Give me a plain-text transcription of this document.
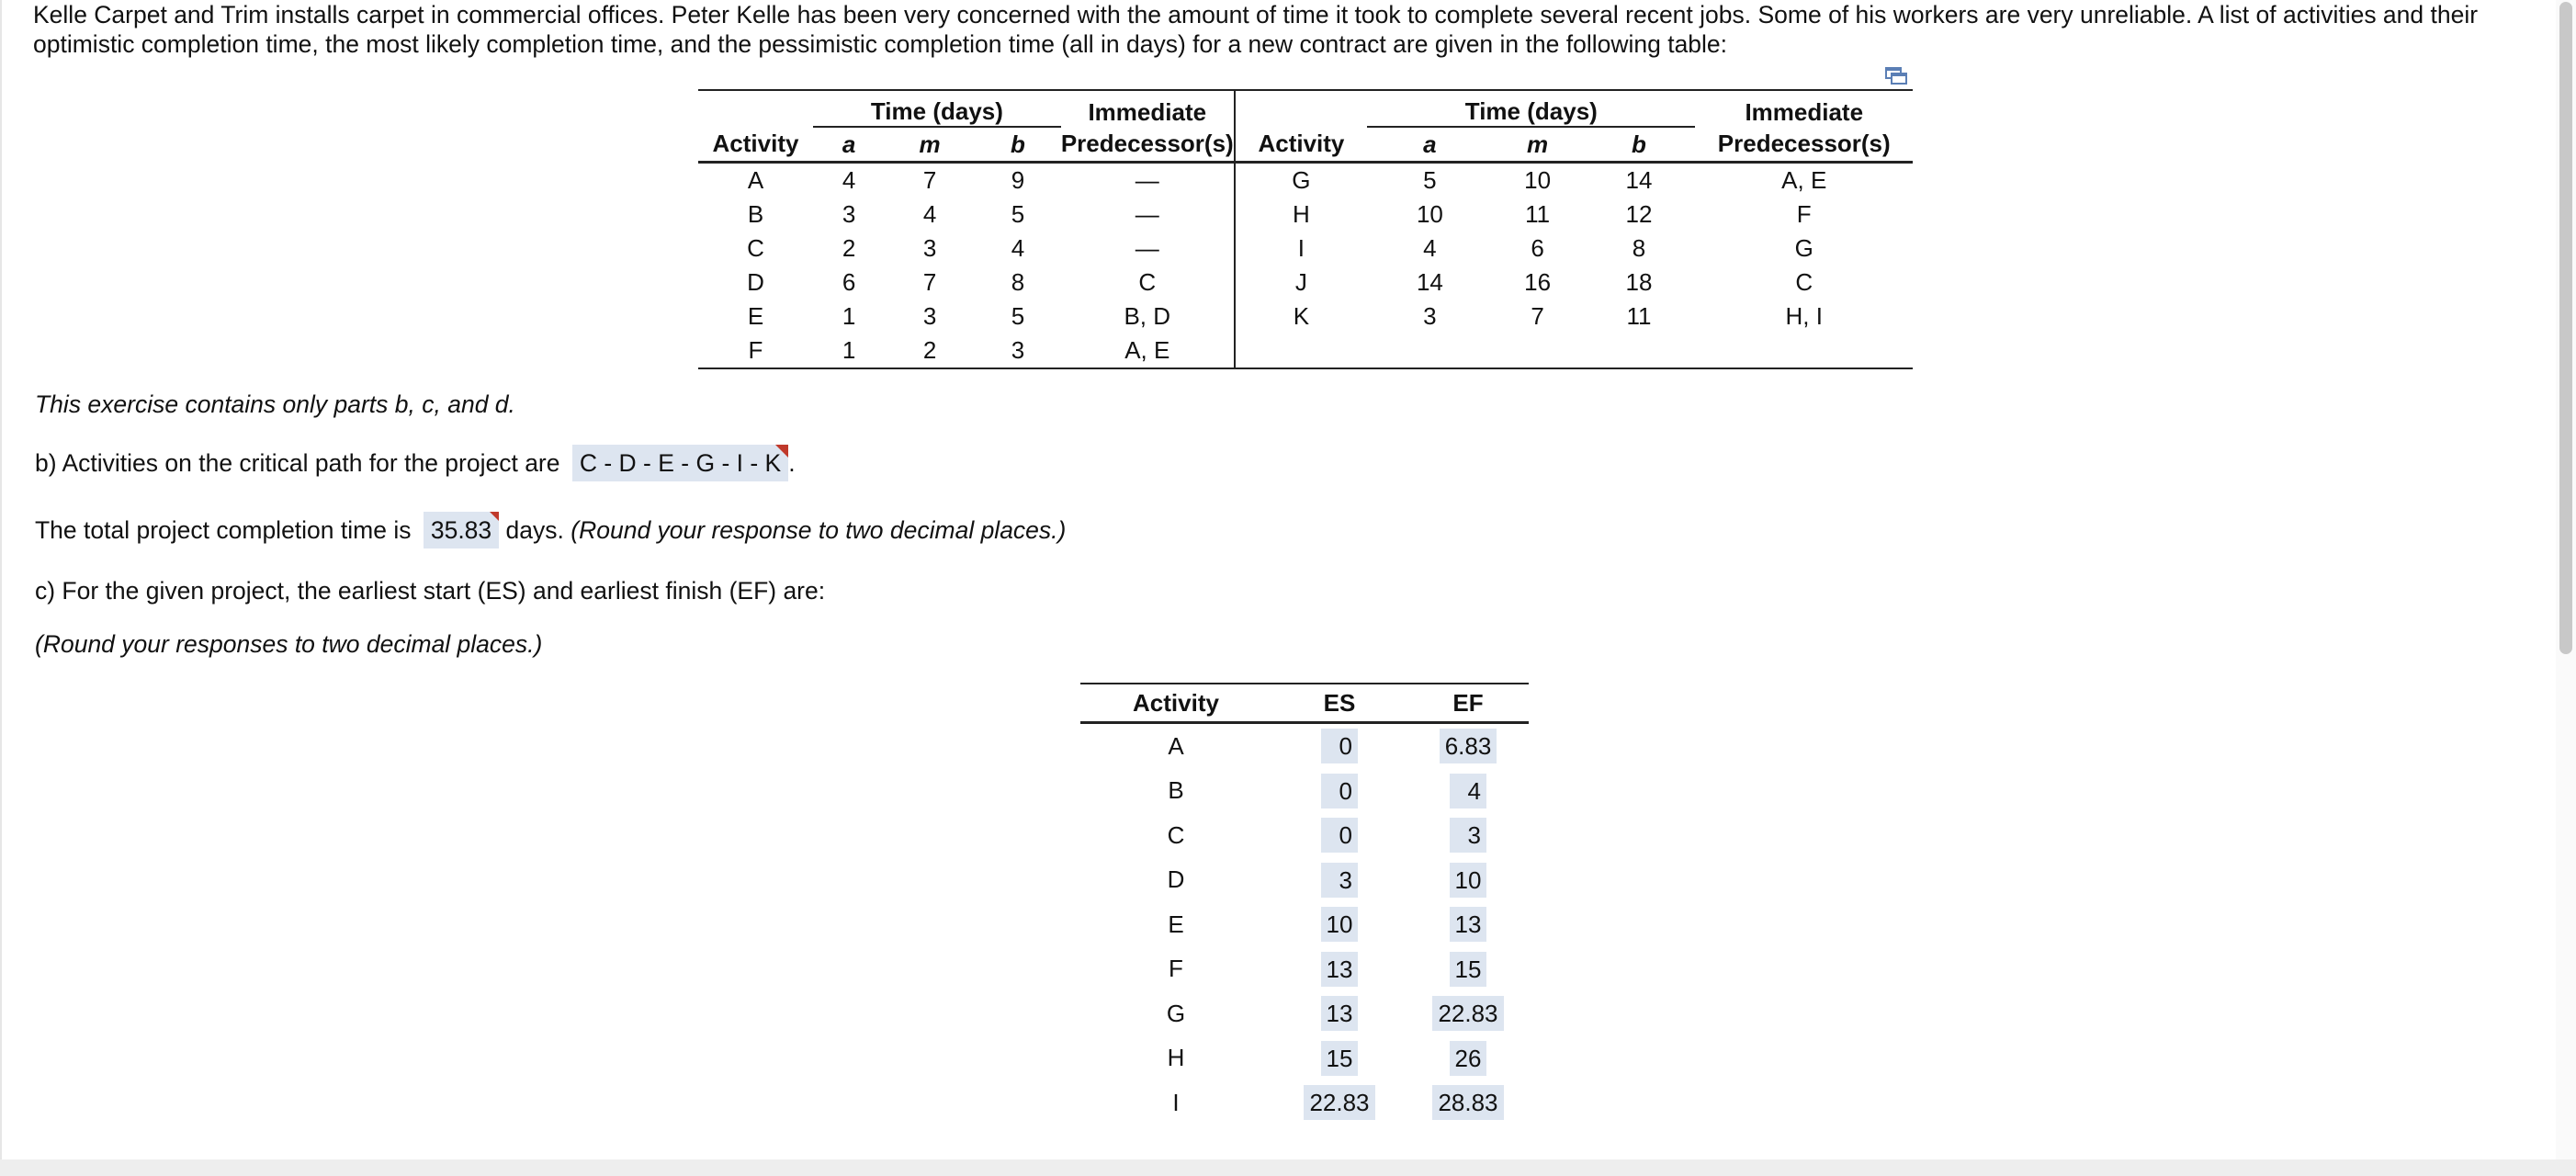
Kelle Carpet and Trim installs carpet in commercial offices. Peter Kelle has been very concerned with the amount of time it took to complete several recent jobs. Some of his workers are very unreliable. A list of activities and their optimistic completion time, the most likely completion time, and the pessimistic completion time (all in days) for a new contract are given in the following table:
	Time (days)			Immediate		Time (days)			Immediate
Activity	a	m	b	Predecessor(s)	Activity	a	m	b	Predecessor(s)
A	4	7	9	—	G	5	10	14	A, E
B	3	4	5	—	H	10	11	12	F
C	2	3	4	—	I	4	6	8	G
D	6	7	8	C	J	14	16	18	C
E	1	3	5	B, D	K	3	7	11	H, I
F	1	2	3	A, E					
This exercise contains only parts b, c, and d.
b) Activities on the critical path for the project are C - D - E - G - I - K .
The total project completion time is 35.83 days. (Round your response to two decimal places.)
c) For the given project, the earliest start (ES) and earliest finish (EF) are:
(Round your responses to two decimal places.)
Activity	ES	EF
A	0	6.83
B	0	4
C	0	3
D	3	10
E	10	13
F	13	15
G	13	22.83
H	15	26
I	22.83	28.83
